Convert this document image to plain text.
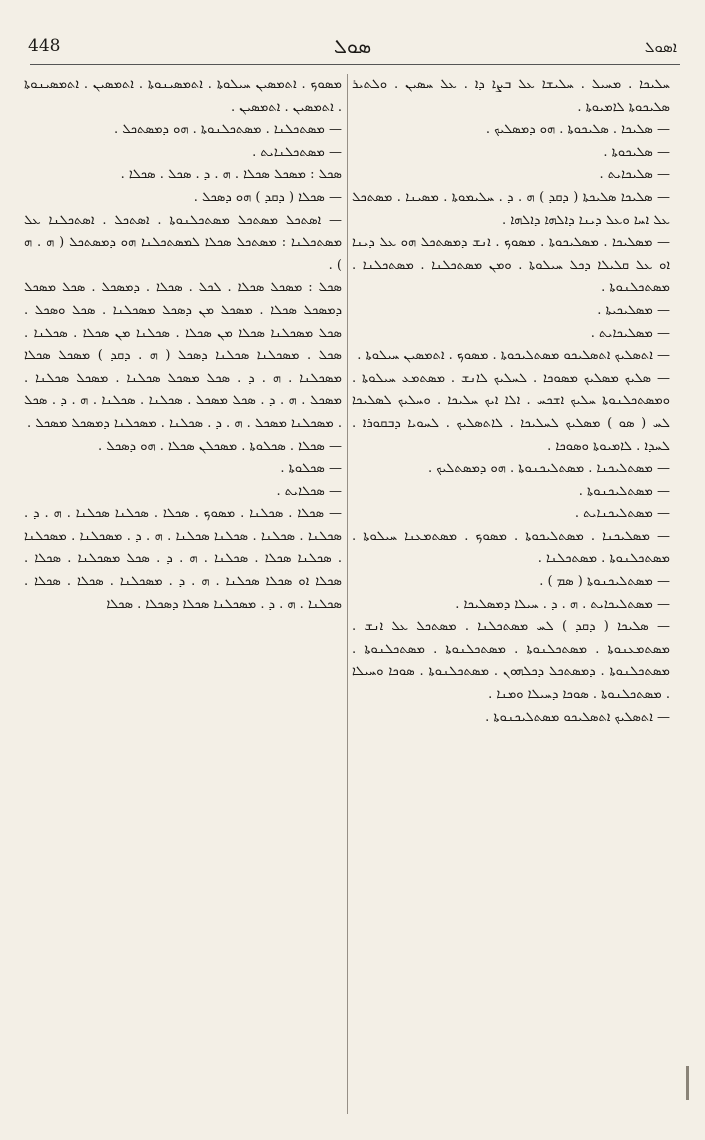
448	ܣܘܠ	ܐܣܘܠ

ܚܠܝܟܐ . ܡܚܝܠ . ܚܠܝܫܐ ܥܠ ܒܨܐ ܕܐ . ܥܠ ܚܣܝܢ . ܘܠܬܝܪ ܣܠܝܟܘܬܐ ܠܐܡܝܘܬܐ .

— ܣܠܝܟܐ . ܣܠܝܟܘܬܐ . ܗܘ ܕܡܣܠܝܟ .

— ܣܠܝܟܘܬܐ .

— ܣܠܝܟܐܝܬ .

— ܣܠܝܟܐ ܣܠܝܟܬܐ ( ܕܩܕ ) ܗ . ܕ . ܚܠܝܡܘܬܐ . ܡܣܝܢܐ . ܡܣܬܟܠ ܥܠ ܐܚܐ ܘܥܠ ܕܝܢܐ ܕܐܠܗܐ ܕܐܠܗܐ .

— ܡܣܠܝܟܐ . ܡܣܠܝܟܘܬܐ . ܡܣܘܟ . ܐܢܫ ܕܡܣܬܟܠ ܗܘ ܥܠ ܕܝܢܐ ܐܘ ܥܠ ܩܠܝܠܐ ܕܟܠ ܚܝܠܘܬܐ . ܘܡܢ ܡܣܬܟܠܢܐ . ܡܣܬܟܠܢܐ . ܡܣܬܟܠܢܘܬܐ .

— ܡܣܠܝܟܝܬܐ .

— ܡܣܠܝܟܐܝܬ .

— ܐܬܣܠܝܟ ܐܬܣܠܝܟܘ ܡܣܬܠܝܟܘܬܐ . ܡܣܘܟ . ܐܬܡܣܝܢ ܚܝܠܘܬܐ .

— ܣܠܝܟ ܡܣܠܝܟ ܡܣܘܟܐ . ܠܚܠܝܟ ܠܐܢܫ . ܡܣܬܡܥ ܚܝܠܘܬܐ . ܘܡܣܬܟܠܢܘܬܐ ܚܠܝܟ ܐܫܟܚ . ܐܠܐ ܐܝܟ ܚܠܝܟܐ . ܘܚܠܝܟ ܠܣܠܝܟܐ ܠܚ ( ܣܘ ) ܡܣܠܝܟ ܠܚܠܝܟܐ . ܠܐܬܣܠܝܟ . ܠܚܘܝܐ ܕܒܩܘܪܐ . ܠܚܕܐ . ܠܐܡܝܘܬܐ ܘܣܘܟܐ .

— ܡܣܬܠܝܟܢܐ . ܡܣܬܠܝܟܢܘܬܐ . ܗܘ ܕܡܣܬܠܝܟ .

— ܡܣܬܠܝܟܢܘܬܐ .

— ܡܣܬܠܝܟܢܐܝܬ .

— ܡܣܠܝܟܢܐ . ܡܣܬܠܝܟܘܬܐ . ܡܣܘܟ . ܡܣܬܡܥܢܐ ܚܝܠܘܬܐ . ܡܣܬܟܠܢܘܬܐ . ܡܣܬܟܠܢܐ .

— ܡܣܬܠܝܟܢܘܬܐ ( ܣܡ ) .

— ܡܣܬܠܝܟܐܝܬ . ܗ . ܕ . ܚܝܠܐ ܕܡܣܠܝܟܐ .

— ܣܠܝܟܐ ( ܕܩܕ ) ܠܚ ܡܣܬܟܠܢܐ . ܡܣܬܟܠ ܥܠ ܐܢܫ . ܡܣܬܡܥܢܘܬܐ . ܡܣܬܟܠܢܘܬܐ . ܡܣܬܟܠܢܘܬܐ . ܡܣܬܟܠܢܘܬܐ . ܡܣܬܟܠܢܘܬܐ . ܕܡܣܬܟܠ ܕܟܠܗܘܢ . ܡܣܬܟܠܢܘܬܐ . ܣܘܟܐ ܘܚܝܠܐ . ܡܣܬܟܠܢܘܬܐ . ܣܘܟܐ ܕܚܝܠܐ ܘܡܢܐ .

— ܐܬܣܠܝܟ ܐܬܣܠܝܟܘ ܡܣܬܠܝܟܢܘܬܐ .

ܡܣܘܟ . ܐܬܡܣܝܢ ܚܝܠܘܬܐ . ܐܬܡܣܝܢܘܬܐ . ܐܬܡܣܝܢ . ܐܬܡܣܝܢܘܬܐ . ܐܬܡܣܝܢ . ܐܬܡܣܝܢ .

— ܡܣܬܟܠܢܐ . ܡܣܬܟܠܢܘܬܐ . ܗܘ ܕܡܣܬܟܠ .

— ܡܣܬܟܠܢܐܝܬ .

ܣܟܠ : ܡܣܟܠ ܣܟܠܐ . ܗ . ܕ . ܣܟܠ . ܣܟܠܐ .

— ܣܟܠܐ ( ܕܩܕ ) ܗܘ ܕܣܟܠ .

— ܐܣܬܟܠ ܡܣܬܟܠ ܡܣܬܟܠܢܘܬܐ . ܐܣܬܟܠ . ܐܣܬܟܠܢܐ ܥܠ ܡܣܬܟܠܢܐ : ܡܣܬܟܠ ܣܟܠܐ ܠܡܣܬܟܠܢܐ ܗܘ ܕܡܣܬܟܠ ( ܗ . ܗ ) .

ܣܟܠ : ܡܣܟܠ ܣܟܠܐ . ܠܟܠ . ܣܟܠܐ . ܕܡܣܟܠ . ܣܟܠ ܡܣܟܠ ܕܡܣܟܠ ܣܟܠܐ . ܡܣܟܠ ܡܢ ܕܣܟܠ ܡܣܟܠܢܐ . ܣܟܠ ܘܣܟܠ . ܣܟܠ ܡܣܟܠܢܐ ܣܟܠܐ ܡܢ ܣܟܠܐ . ܣܟܠܢܐ ܡܢ ܣܟܠܐ . ܣܟܠܢܐ . ܣܟܠ . ܡܣܟܠܢܐ ܣܟܠܢܐ ܕܣܟܠ ( ܗ . ܕܩܕ ) ܡܣܟܠ ܣܟܠܐ ܡܣܟܠܢܐ . ܗ . ܕ . ܣܟܠ ܡܣܟܠ ܣܟܠܢܐ . ܡܣܟܠ ܣܟܠܢܐ . ܡܣܟܠ . ܗ . ܕ . ܣܟܠ ܡܣܟܠ . ܣܟܠܢܐ . ܣܟܠܢܐ . ܗ . ܕ . ܣܟܠ . ܡܣܟܠܢܐ ܡܣܟܠ . ܗ . ܕ . ܣܟܠܢܐ . ܡܣܟܠܢܐ ܕܡܣܟܠ ܡܣܟܠ .

— ܣܟܠܐ . ܣܟܠܘܬܐ . ܡܣܟܠܢ ܣܟܠܐ . ܗܘ ܕܣܟܠ .

— ܣܟܠܘܬܐ .

— ܣܟܠܐܝܬ .

— ܣܟܠܐ . ܣܟܠܢܐ . ܡܣܘܟ . ܣܟܠܐ . ܣܟܠܢܐ ܣܟܠܢܐ . ܗ . ܕ . ܣܟܠܢܐ . ܣܟܠܢܐ . ܣܟܠܢܐ ܣܟܠܢܐ . ܗ . ܕ . ܡܣܟܠܢܐ . ܡܣܟܠܢܐ . ܣܟܠܢܐ ܣܟܠܐ . ܣܟܠܢܐ . ܗ . ܕ . ܣܟܠ ܡܣܟܠܢܐ . ܣܟܠܐ . ܣܟܠܐ ܐܘ ܣܟܠܐ ܣܟܠܢܐ . ܗ . ܕ . ܡܣܟܠܢܐ . ܣܟܠܐ . ܣܟܠܐ . ܣܟܠܢܐ . ܗ . ܕ . ܡܣܟܠܢܐ ܣܟܠܐ ܕܣܟܠܐ . ܣܟܠܐ
